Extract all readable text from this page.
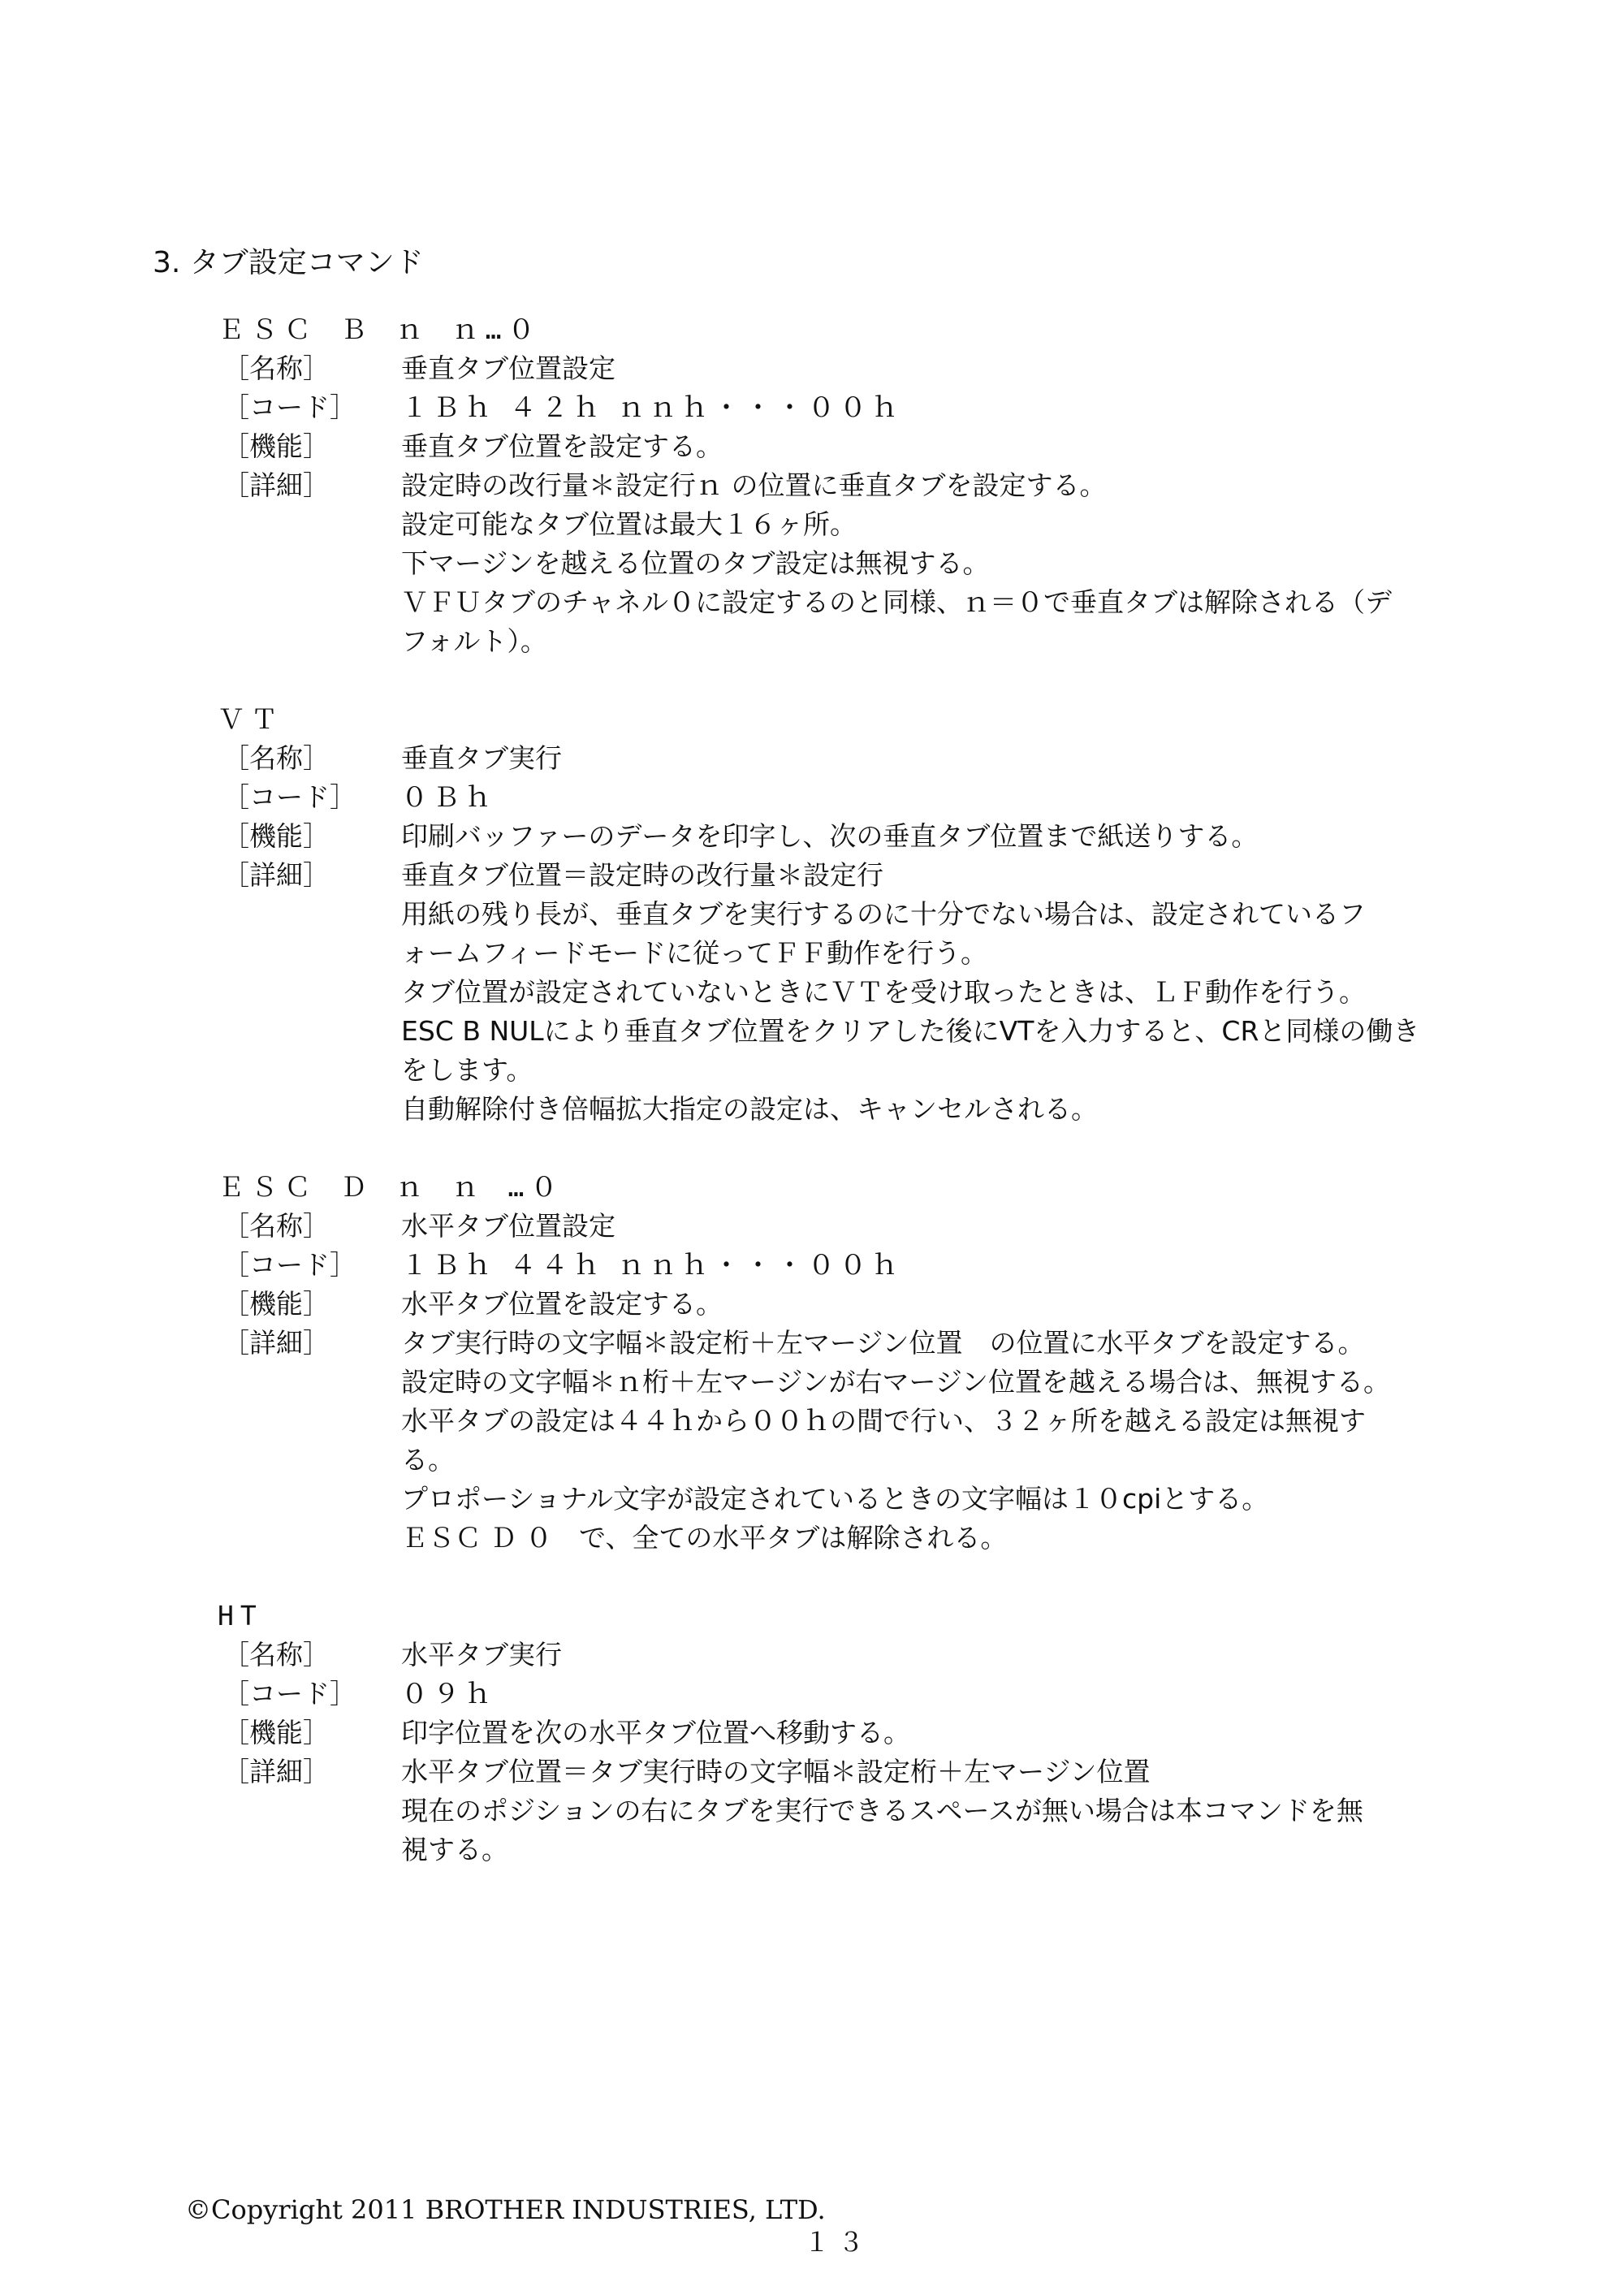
3. タブ設定コマンド
ＥＳＣ Ｂ ｎ ｎ…０
［名称］	垂直タブ位置設定
［コード］	１Ｂｈ ４２ｈ ｎｎｈ・・・００ｈ
［機能］	垂直タブ位置を設定する。
［詳細］	設定時の改行量＊設定行ｎ の位置に垂直タブを設定する。
設定可能なタブ位置は最大１６ヶ所。
下マージンを越える位置のタブ設定は無視する。
ＶＦＵタブのチャネル０に設定するのと同様、ｎ＝０で垂直タブは解除される（デ
フォルト）。
ＶＴ
［名称］	垂直タブ実行
［コード］	０Ｂｈ
［機能］	印刷バッファーのデータを印字し、次の垂直タブ位置まで紙送りする。
［詳細］	垂直タブ位置＝設定時の改行量＊設定行
用紙の残り長が、垂直タブを実行するのに十分でない場合は、設定されているフ
ォームフィードモードに従ってＦＦ動作を行う。
タブ位置が設定されていないときにＶＴを受け取ったときは、ＬＦ動作を行う。
ESC B NULにより垂直タブ位置をクリアした後にVTを入力すると、CRと同様の働き
をします。
自動解除付き倍幅拡大指定の設定は、キャンセルされる。
ＥＳＣ Ｄ ｎ ｎ …０
［名称］	水平タブ位置設定
［コード］	１Ｂｈ ４４ｈ ｎｎｈ・・・００ｈ
［機能］	水平タブ位置を設定する。
［詳細］	タブ実行時の文字幅＊設定桁＋左マージン位置　の位置に水平タブを設定する。
設定時の文字幅＊ｎ桁＋左マージンが右マージン位置を越える場合は、無視する。
水平タブの設定は４４ｈから００ｈの間で行い、３２ヶ所を越える設定は無視す
る。
プロポーショナル文字が設定されているときの文字幅は１０cpiとする。
ＥＳＣ Ｄ ０　で、全ての水平タブは解除される。
HT
［名称］	水平タブ実行
［コード］	０９ｈ
［機能］	印字位置を次の水平タブ位置へ移動する。
［詳細］	水平タブ位置＝タブ実行時の文字幅＊設定桁＋左マージン位置
現在のポジションの右にタブを実行できるスペースが無い場合は本コマンドを無
視する。
©Copyright 2011 BROTHER INDUSTRIES, LTD.
１３
